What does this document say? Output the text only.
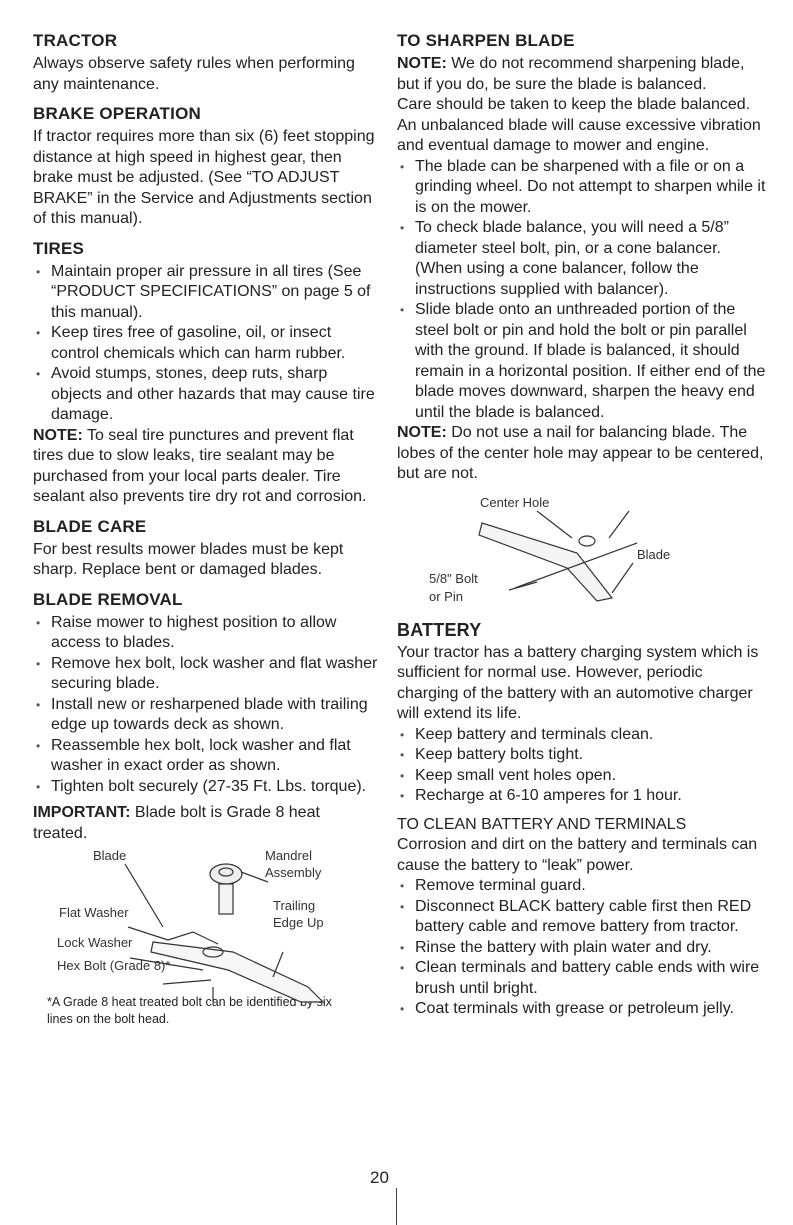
TRACTOR

Always observe safety rules when performing any maintenance.

BRAKE OPERATION

If tractor requires more than six (6) feet stopping distance at high speed in highest gear, then brake must be adjusted. (See “TO ADJUST BRAKE” in the Service and Adjustments section of this manual).

TIRES
• Maintain proper air pressure in all tires (See “PRODUCT SPECIFICATIONS” on page 5 of this manual).
• Keep tires free of gasoline, oil, or insect control chemicals which can harm rubber.
• Avoid stumps, stones, deep ruts, sharp objects and other hazards that may cause tire damage.

NOTE: To seal tire punctures and prevent flat tires due to slow leaks, tire sealant may be purchased from your local parts dealer. Tire sealant also prevents tire dry rot and corrosion.

BLADE CARE

For best results mower blades must be kept sharp. Replace bent or damaged blades.

BLADE REMOVAL
• Raise mower to highest position to allow access to blades.
• Remove hex bolt, lock washer and flat washer securing blade.
• Install new or resharpened blade with trailing edge up towards deck as shown.
• Reassemble hex bolt, lock washer and flat washer in exact order as shown.
• Tighten bolt securely (27-35 Ft. Lbs. torque).

IMPORTANT: Blade bolt is Grade 8 heat treated.

Blade	Mandrel
Assembly
Trailing
Edge Up
Flat Washer
Lock Washer
Hex Bolt (Grade 8)*

*A Grade 8 heat treated bolt can be identified by six lines on the bolt head.

TO SHARPEN BLADE

NOTE: We do not recommend sharpening blade, but if you do, be sure the blade is balanced.

Care should be taken to keep the blade balanced. An unbalanced blade will cause excessive vibration and eventual damage to mower and engine.

• The blade can be sharpened with a file or on a grinding wheel. Do not attempt to sharpen while it is on the mower.
• To check blade balance, you will need a 5/8” diameter steel bolt, pin, or a cone balancer. (When using a cone balancer, follow the instructions supplied with balancer).
• Slide blade onto an unthreaded portion of the steel bolt or pin and hold the bolt or pin parallel with the ground. If blade is balanced, it should remain in a horizontal position. If either end of the blade moves downward, sharpen the heavy end until the blade is balanced.

NOTE: Do not use a nail for balancing blade. The lobes of the center hole may appear to be centered, but are not.

Center Hole
Blade
5/8" Bolt
or Pin
BATTERY

Your tractor has a battery charging system which is sufficient for normal use. However, periodic charging of the battery with an automotive charger will extend its life.

• Keep battery and terminals clean.
• Keep battery bolts tight.
• Keep small vent holes open.
• Recharge at 6-10 amperes for 1 hour.

TO CLEAN BATTERY AND TERMINALS

Corrosion and dirt on the battery and terminals can cause the battery to “leak” power.

• Remove terminal guard.
• Disconnect BLACK battery cable first then RED battery cable and remove battery from tractor.
• Rinse the battery with plain water and dry.
• Clean terminals and battery cable ends with wire brush until bright.
• Coat terminals with grease or petroleum jelly.
20
